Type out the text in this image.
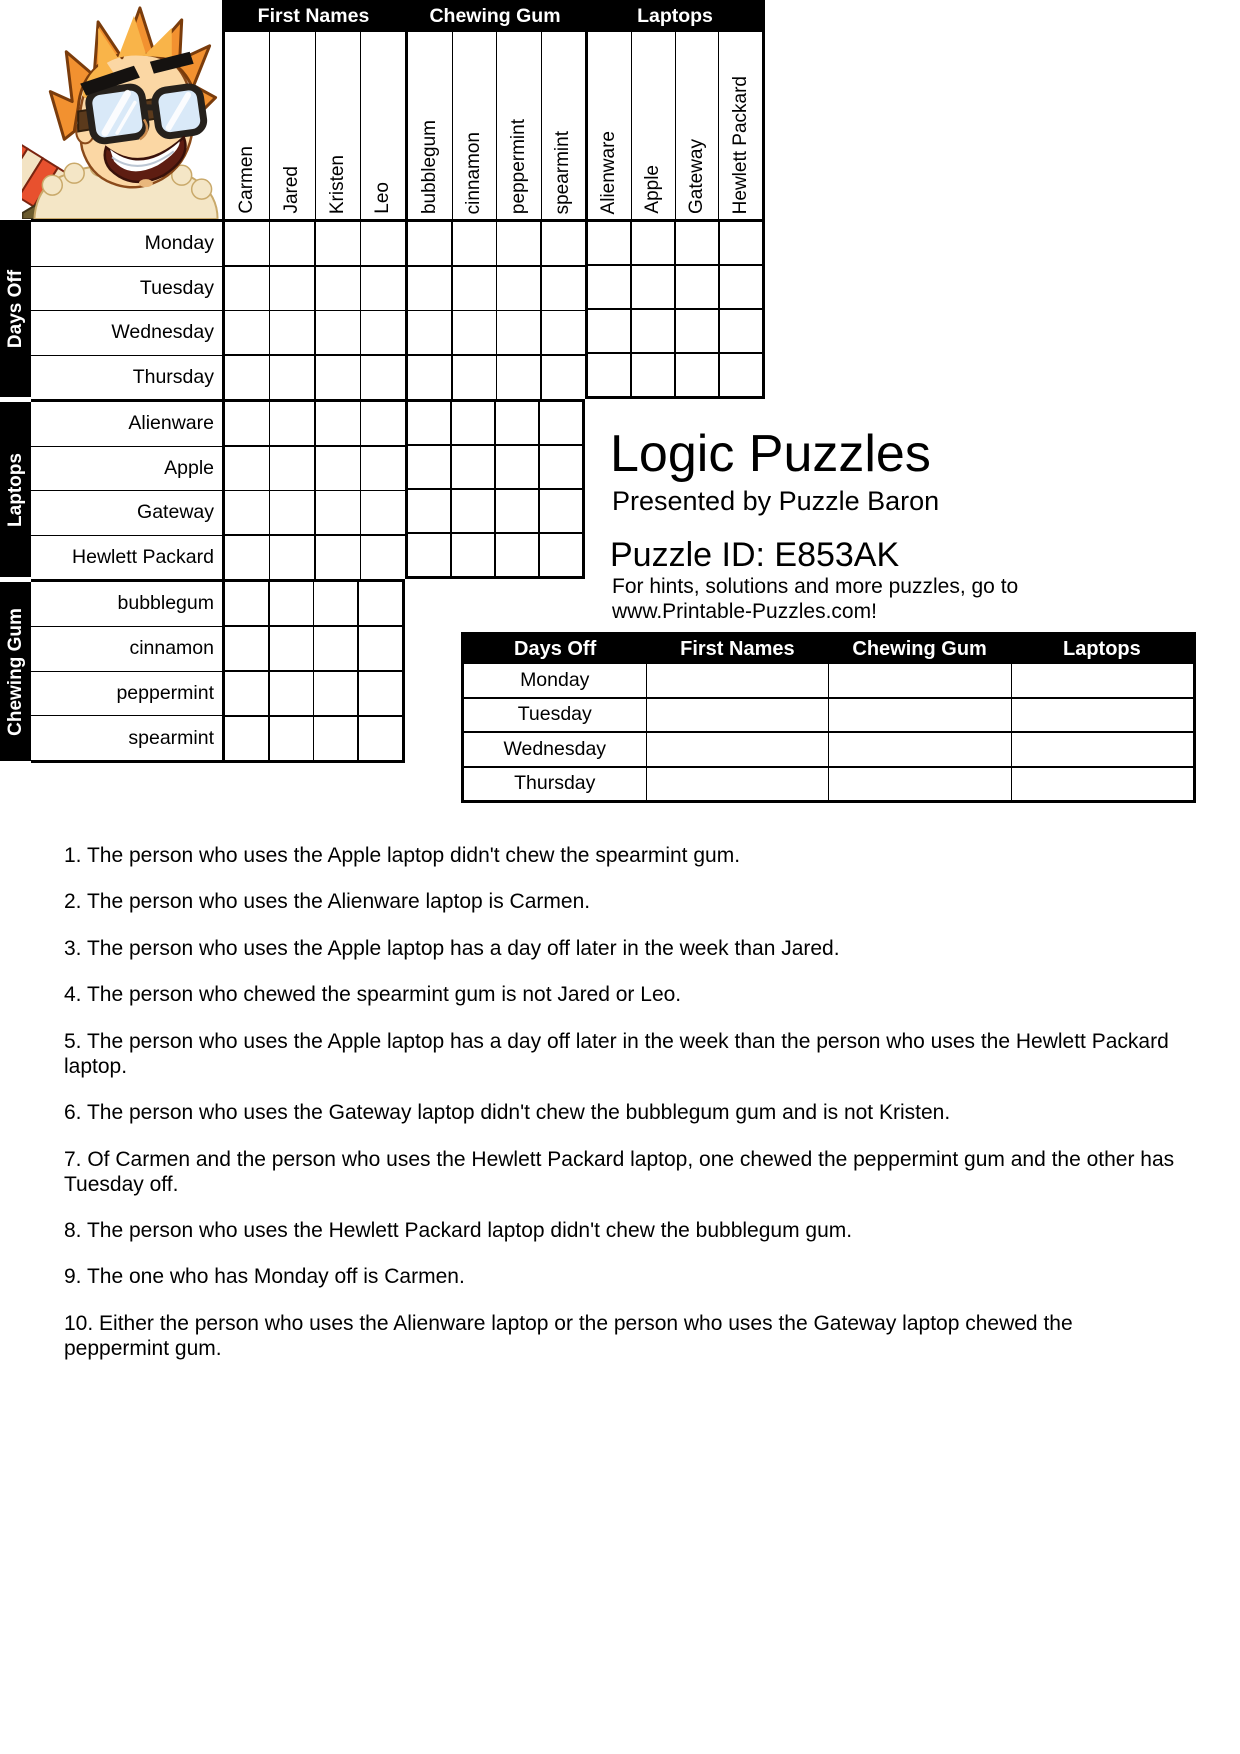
First Names	Chewing Gum	Laptops
Carmen Jared Kristen Leo bubblegum cinnamon peppermint spearmint Alienware Apple Gateway Hewlett Packard
Days Off
Laptops
Chewing Gum
Monday
Tuesday
Wednesday
Thursday
Alienware
Apple
Gateway
Hewlett Packard
bubblegum
cinnamon
peppermint
spearmint
Logic Puzzles
Presented by Puzzle Baron
Puzzle ID: E853AK
For hints, solutions and more puzzles, go to
www.Printable-Puzzles.com!
Days Off	First Names	Chewing Gum	Laptops
Monday
Tuesday
Wednesday
Thursday
1. The person who uses the Apple laptop didn't chew the spearmint gum.
2. The person who uses the Alienware laptop is Carmen.
3. The person who uses the Apple laptop has a day off later in the week than Jared.
4. The person who chewed the spearmint gum is not Jared or Leo.
5. The person who uses the Apple laptop has a day off later in the week than the person who uses the Hewlett Packard
laptop.
6. The person who uses the Gateway laptop didn't chew the bubblegum gum and is not Kristen.
7. Of Carmen and the person who uses the Hewlett Packard laptop, one chewed the peppermint gum and the other has
Tuesday off.
8. The person who uses the Hewlett Packard laptop didn't chew the bubblegum gum.
9. The one who has Monday off is Carmen.
10. Either the person who uses the Alienware laptop or the person who uses the Gateway laptop chewed the
peppermint gum.
